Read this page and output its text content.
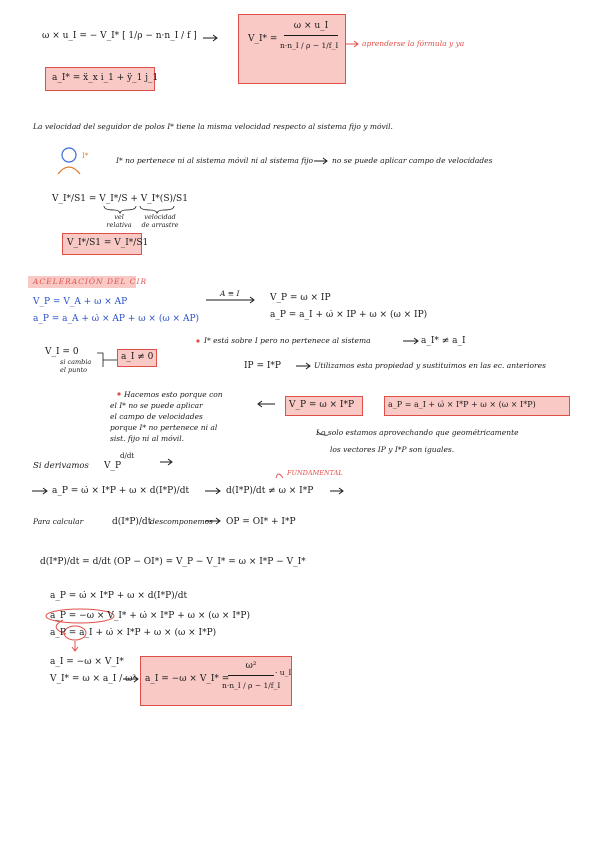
ω × u_I = − V_I* [ 1/ρ − n·n_I / f ]	V_I* =
ω × u_I
n·n_I / ρ − 1/f_I	aprenderse la fórmula y ya
a_I* = ẍ_x i_1 + ÿ_1 j_1
La velocidad del seguidor de polos I* tiene la misma velocidad respecto al sistema fijo y móvil.
I*	I* no pertenece ni al sistema móvil ni al sistema fijo	no se puede aplicar campo de velocidades
V_I*/S1 = V_I*/S + V_I*(S)/S1
vel relativa
velocidad de arrastre
V_I*/S1 = V_I*/S1
ACELERACIÓN DEL CIR
V_P = V_A + ω × AP
a_P = a_A + ω̇ × AP + ω × (ω × AP)
A ≡ I	V_P = ω × IP
a_P = a_I + ω̇ × IP + ω × (ω × IP)
I* está sobre I pero no pertenece al sistema	a_I* ≠ a_I
V_I = 0
si cambia el punto
a_I ≠ 0
IP = I*P	Utilizamos esta propiedad y sustituimos en las ec. anteriores
Hacemos esto porque con
el I* no se puede aplicar
el campo de velocidades
porque I* no pertenece ni al
sist. fijo ni al móvil.
V_P = ω × I*P	a_P = a_I + ω̇ × I*P + ω × (ω × I*P)
Lo solo estamos aprovechando que geométricamente
los vectores IP y I*P son iguales.
Si derivamos V_P
d/dt
a_P = ω̇ × I*P + ω × d(I*P)/dt
FUNDAMENTAL
d(I*P)/dt ≠ ω × I*P
Para calcular	d(I*P)/dt
descomponemos OP = OI* + I*P
d(I*P)/dt = d/dt (OP − OI*) = V_P − V_I* = ω × I*P − V_I*
a_P = ω̇ × I*P + ω × d(I*P)/dt
a_P = −ω × V_I* + ω̇ × I*P + ω × (ω × I*P)
a_P = a_I + ω̇ × I*P + ω × (ω × I*P)
a_I = −ω × V_I*
V_I* = ω × a_I / ω² a_I = −ω × V_I* =
ω²
n·n_I / ρ − 1/f_I
· u_I
